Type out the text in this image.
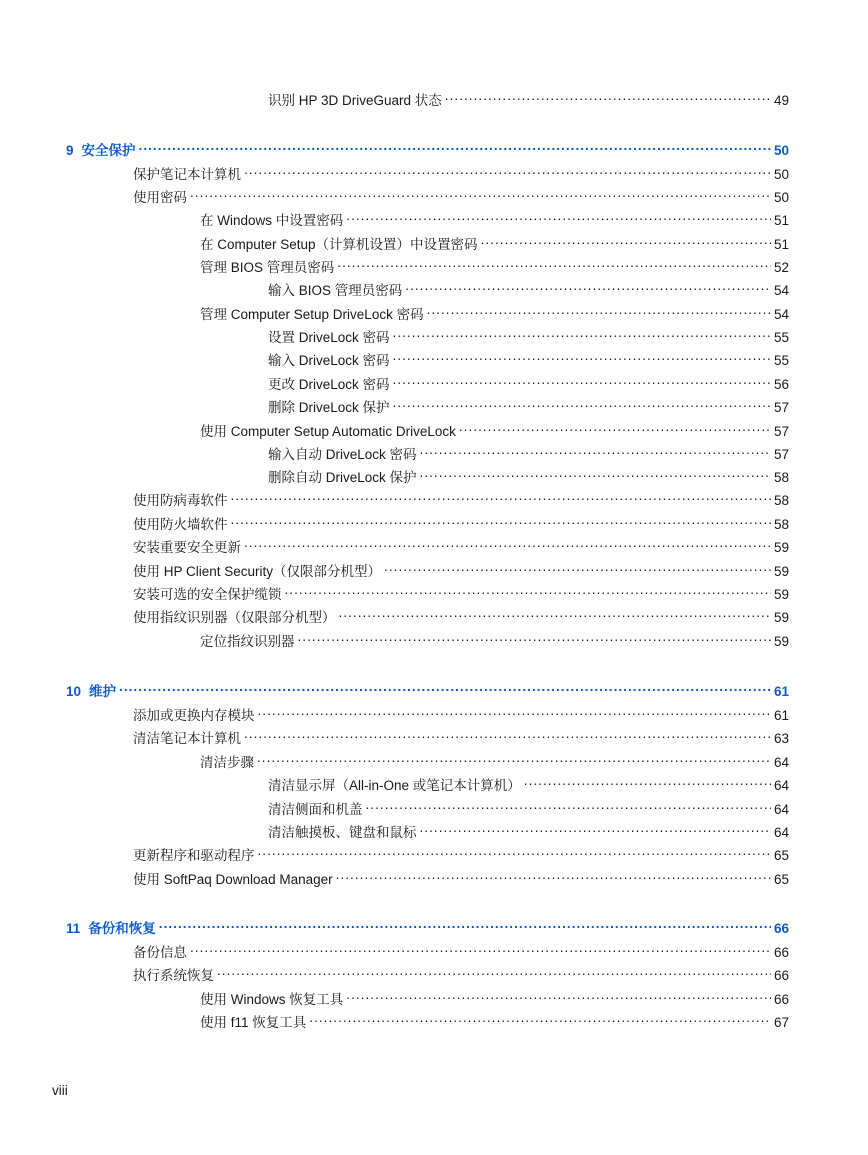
识别 HP 3D DriveGuard 状态 . . .	49
9 安全保护 . . .	50
保护笔记本计算机 . . .	50
使用密码 . . .	50
在 Windows 中设置密码 . . .	51
在 Computer Setup（计算机设置）中设置密码 . . .	51
管理 BIOS 管理员密码 . . .	52
输入 BIOS 管理员密码 . . .	54
管理 Computer Setup DriveLock 密码 . . .	54
设置 DriveLock 密码 . . .	55
输入 DriveLock 密码 . . .	55
更改 DriveLock 密码 . . .	56
删除 DriveLock 保护 . . .	57
使用 Computer Setup Automatic DriveLock . . .	57
输入自动 DriveLock 密码 . . .	57
删除自动 DriveLock 保护 . . .	58
使用防病毒软件 . . .	58
使用防火墙软件 . . .	58
安装重要安全更新 . . .	59
使用 HP Client Security（仅限部分机型） . . .	59
安装可选的安全保护缆锁 . . .	59
使用指纹识别器（仅限部分机型） . . .	59
定位指纹识别器 . . .	59
10 维护 . . .	61
添加或更换内存模块 . . .	61
清洁笔记本计算机 . . .	63
清洁步骤 . . .	64
清洁显示屏（All-in-One 或笔记本计算机） . . .	64
清洁侧面和机盖 . . .	64
清洁触摸板、键盘和鼠标 . . .	64
更新程序和驱动程序 . . .	65
使用 SoftPaq Download Manager . . .	65
11 备份和恢复 . . .	66
备份信息 . . .	66
执行系统恢复 . . .	66
使用 Windows 恢复工具 . . .	66
使用 f11 恢复工具 . . .	67
viii
